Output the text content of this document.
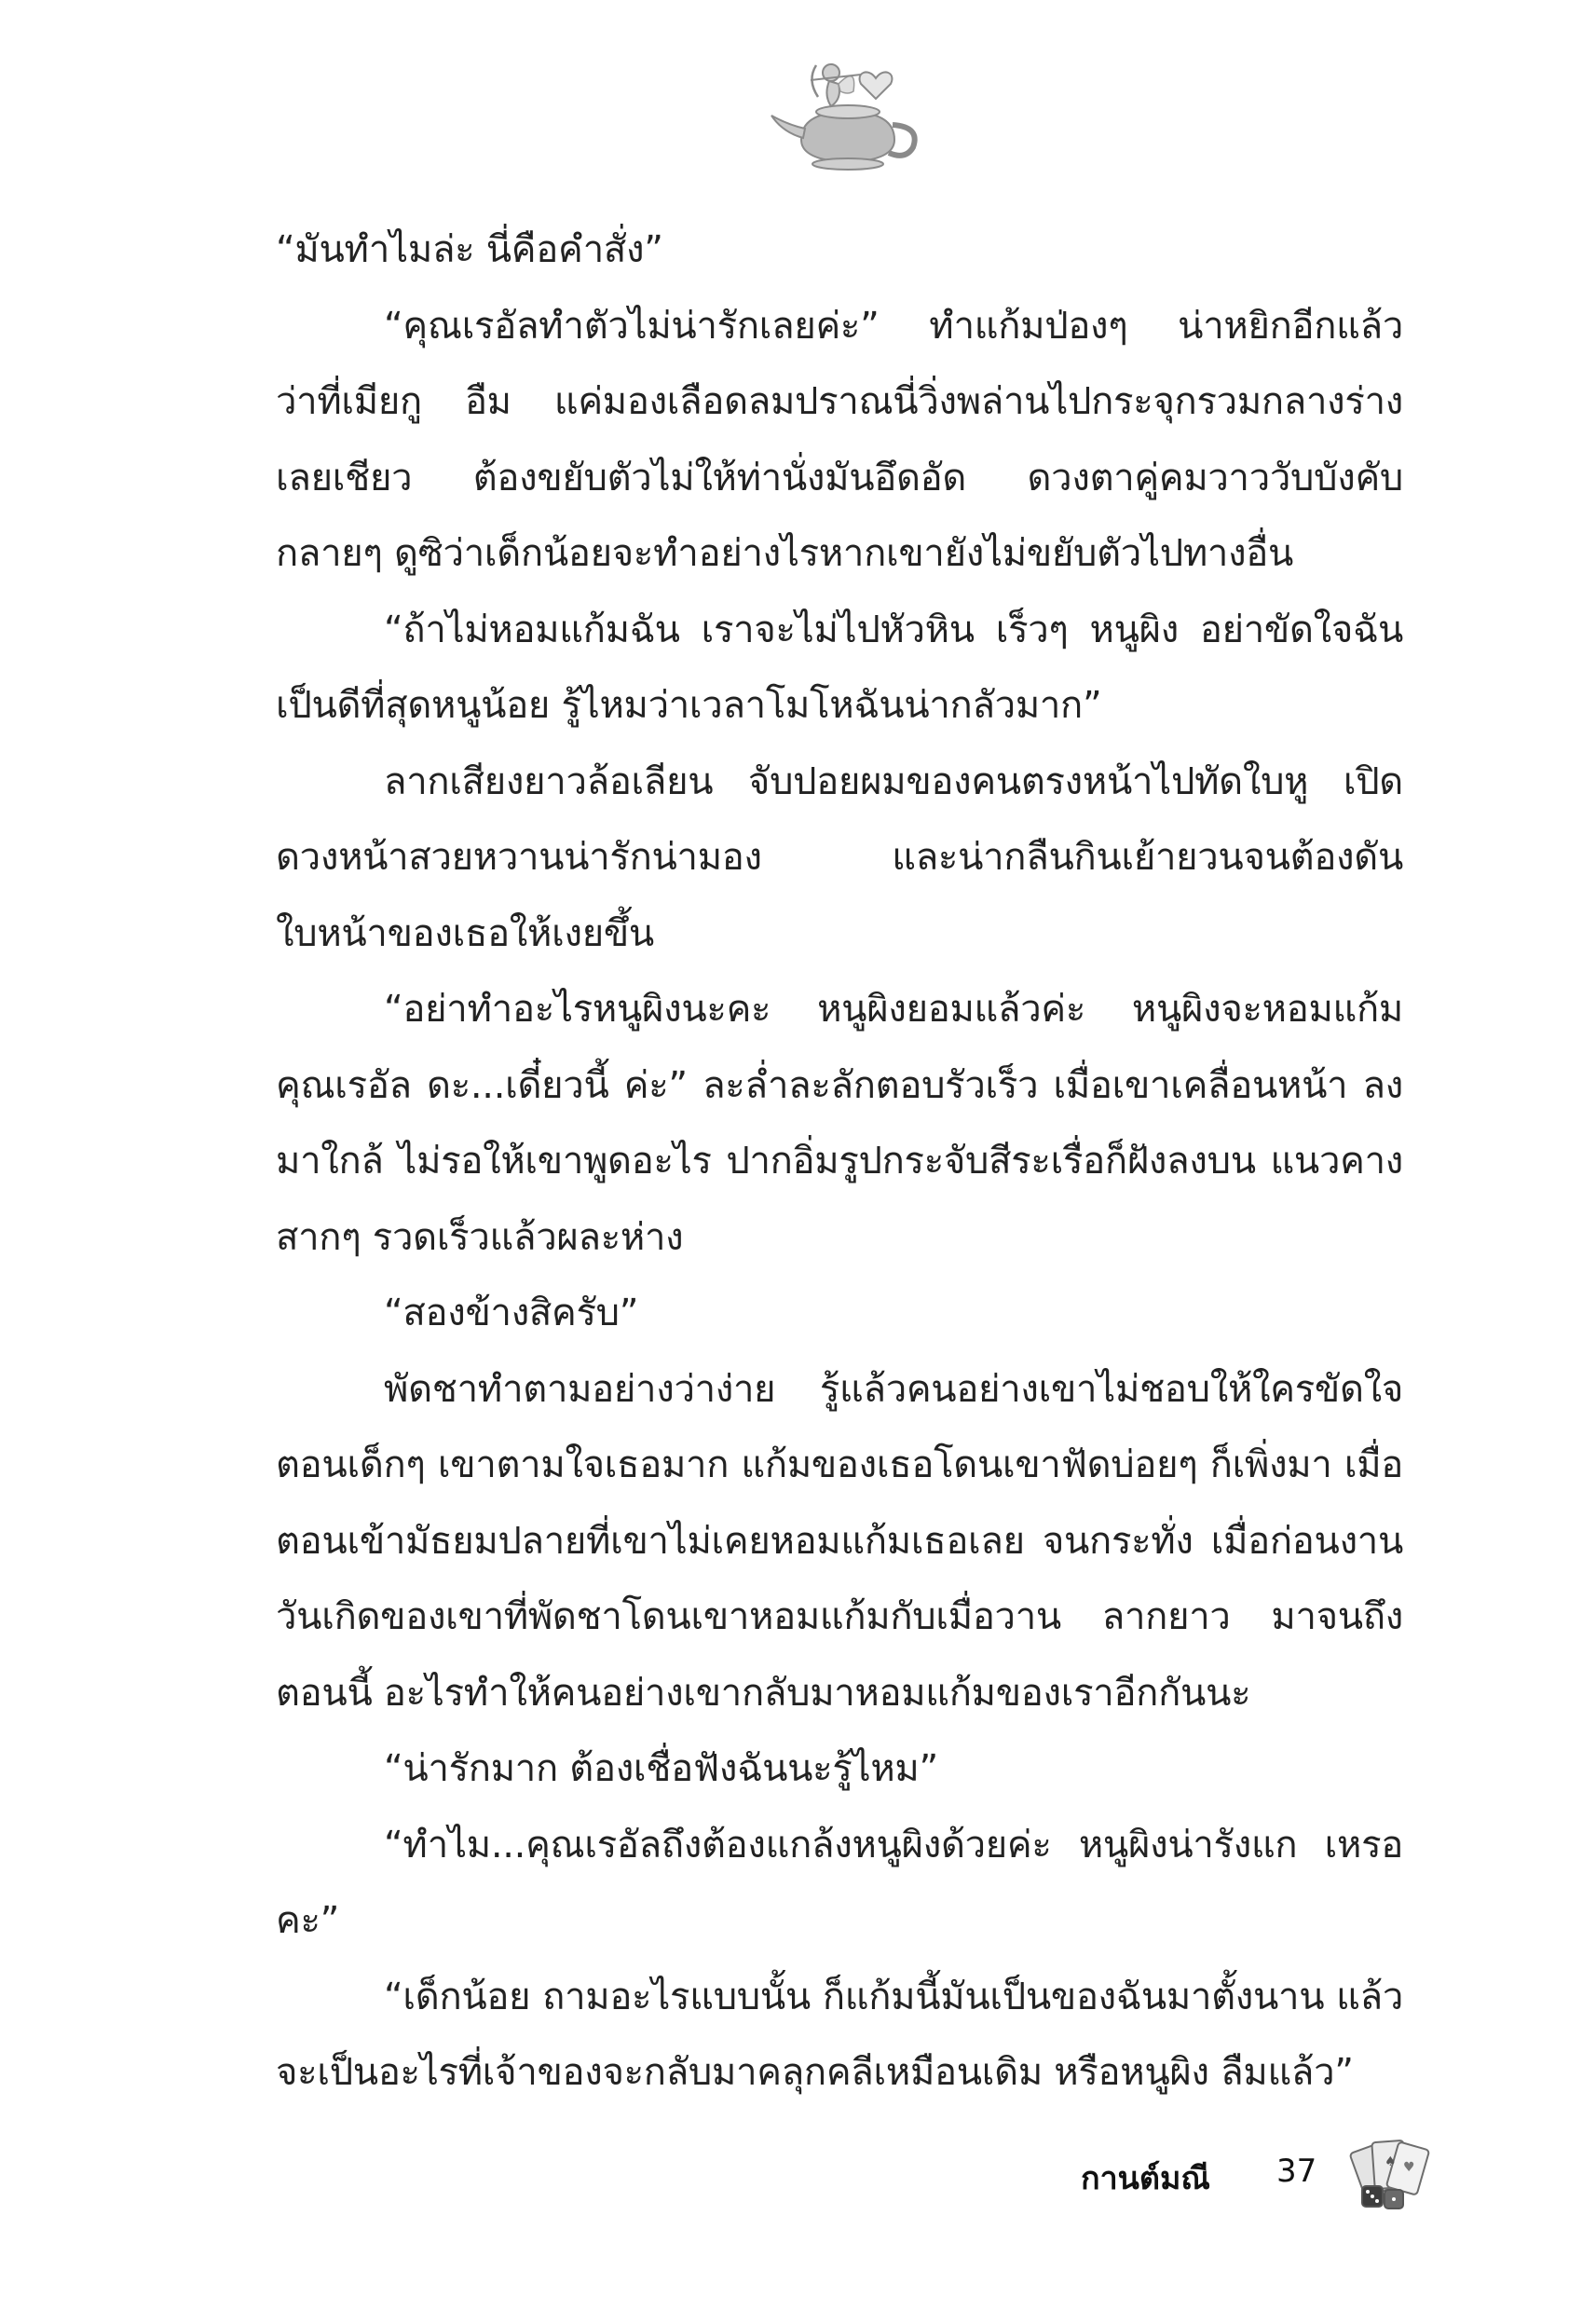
“มันทำไมล่ะ นี่คือคำสั่ง”

“คุณเรอัลทำตัวไม่น่ารักเลยค่ะ” ทำแก้มป่องๆ น่าหยิกอีกแล้ว ว่าที่เมียกู อืม แค่มองเลือดลมปราณนี่วิ่งพล่านไปกระจุกรวมกลางร่าง เลยเชียว ต้องขยับตัวไม่ให้ท่านั่งมันอึดอัด ดวงตาคู่คมวาววับบังคับ กลายๆ ดูซิว่าเด็กน้อยจะทำอย่างไรหากเขายังไม่ขยับตัวไปทางอื่น

“ถ้าไม่หอมแก้มฉัน เราจะไม่ไปหัวหิน เร็วๆ หนูผิง อย่าขัดใจฉัน เป็นดีที่สุดหนูน้อย รู้ไหมว่าเวลาโมโหฉันน่ากลัวมาก”

ลากเสียงยาวล้อเลียน จับปอยผมของคนตรงหน้าไปทัดใบหู เปิดดวงหน้าสวยหวานน่ารักน่ามอง และน่ากลืนกินเย้ายวนจนต้องดัน ใบหน้าของเธอให้เงยขึ้น

“อย่าทำอะไรหนูผิงนะคะ หนูผิงยอมแล้วค่ะ หนูผิงจะหอมแก้ม คุณเรอัล ดะ...เดี๋ยวนี้ ค่ะ” ละล่ำละลักตอบรัวเร็ว เมื่อเขาเคลื่อนหน้า ลงมาใกล้ ไม่รอให้เขาพูดอะไร ปากอิ่มรูปกระจับสีระเรื่อก็ฝังลงบน แนวคางสากๆ รวดเร็วแล้วผละห่าง

“สองข้างสิครับ”

พัดชาทำตามอย่างว่าง่าย รู้แล้วคนอย่างเขาไม่ชอบให้ใครขัดใจ ตอนเด็กๆ เขาตามใจเธอมาก แก้มของเธอโดนเขาฟัดบ่อยๆ ก็เพิ่งมา เมื่อตอนเข้ามัธยมปลายที่เขาไม่เคยหอมแก้มเธอเลย จนกระทั่ง เมื่อก่อนงานวันเกิดของเขาที่พัดชาโดนเขาหอมแก้มกับเมื่อวาน ลากยาว มาจนถึงตอนนี้ อะไรทำให้คนอย่างเขากลับมาหอมแก้มของเราอีกกันนะ

“น่ารักมาก ต้องเชื่อฟังฉันนะรู้ไหม”

“ทำไม...คุณเรอัลถึงต้องแกล้งหนูผิงด้วยค่ะ หนูผิงน่ารังแก เหรอคะ”

“เด็กน้อย ถามอะไรแบบนั้น ก็แก้มนี้มันเป็นของฉันมาตั้งนาน แล้ว จะเป็นอะไรที่เจ้าของจะกลับมาคลุกคลีเหมือนเดิม หรือหนูผิง ลืมแล้ว”

กานต์มณี 37	♠ ♥
